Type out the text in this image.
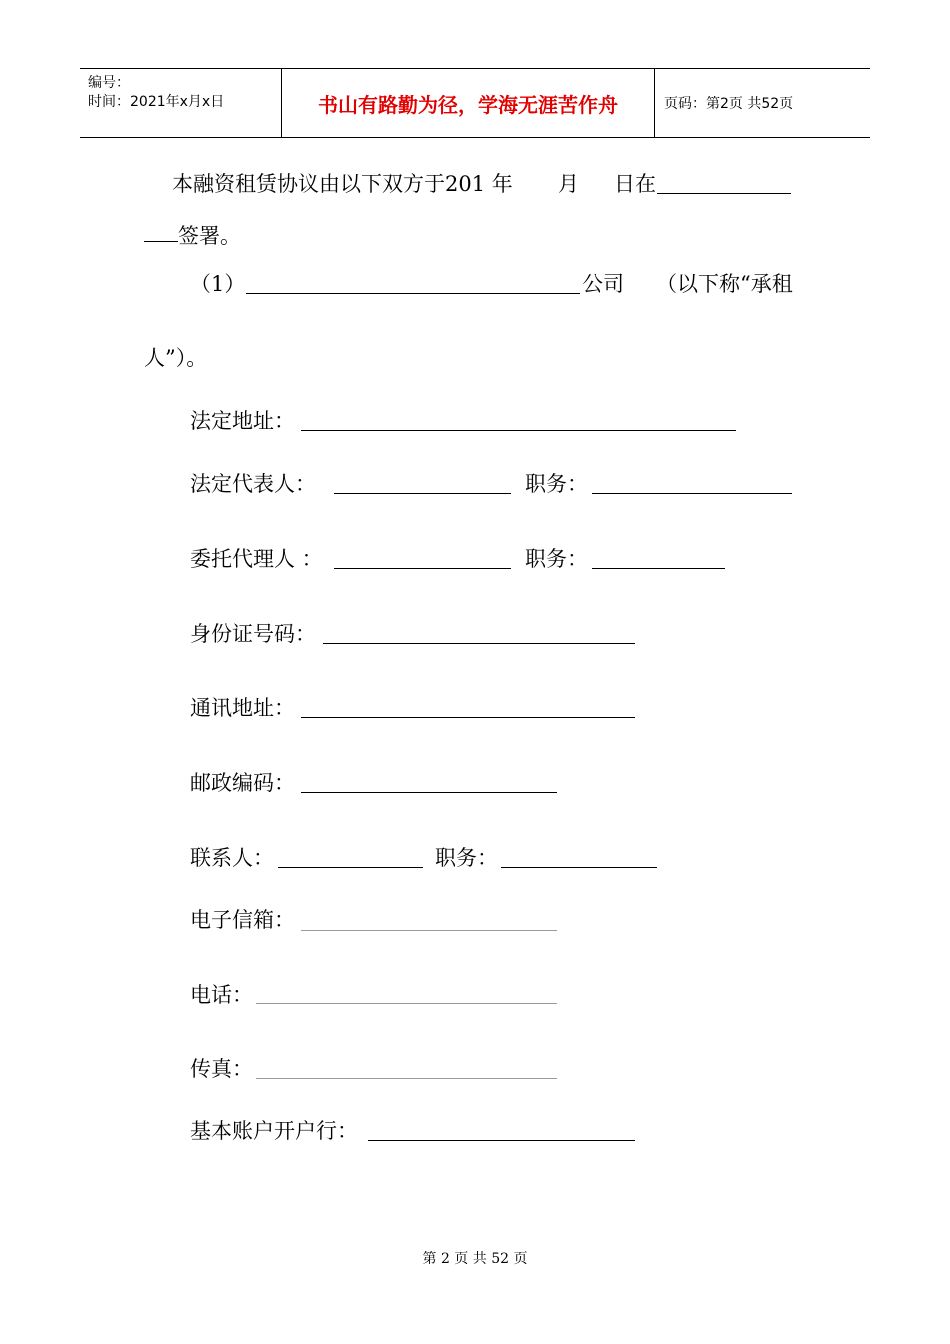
编号：
时间：2021年x月x日	书山有路勤为径，学海无涯苦作舟	页码：第2页 共52页
本融资租赁协议由以下双方于201 年 月 日在
签署。
（1）	公司 （以下称“承租
人”）。
法定地址：
法定代表人：	职务：
委托代理人 ：	职务：
身份证号码：
通讯地址：
邮政编码：
联系人：	职务：
电子信箱：
电话：
传真：
基本账户开户行：
第 2 页 共 52 页
